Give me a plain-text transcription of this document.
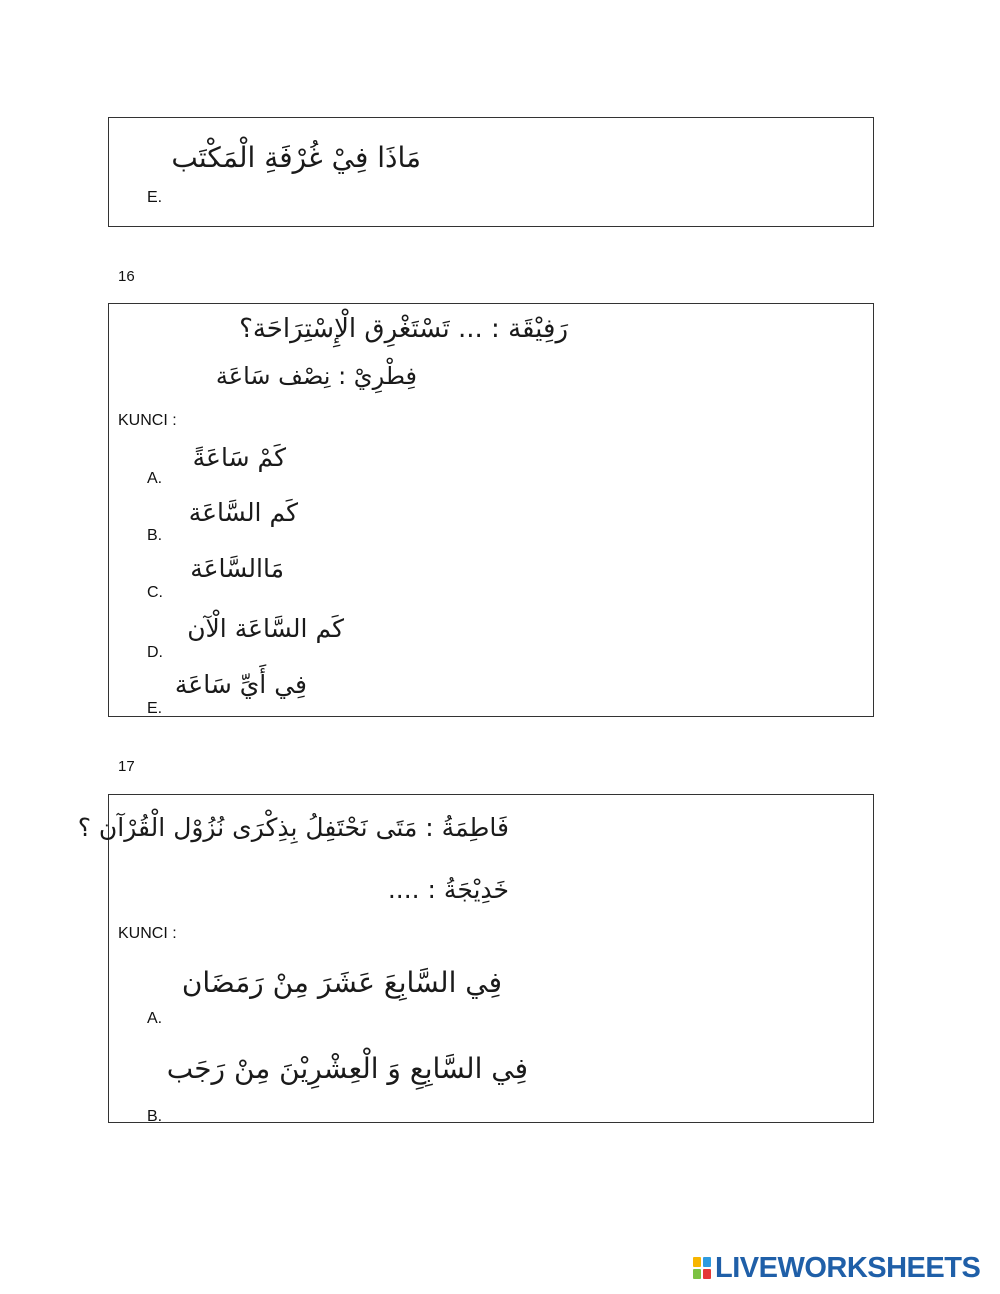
مَاذَا فِيْ غُرْفَةِ الْمَكْتَب
E.
16
رَفِيْقَة : ... تَسْتَغْرِق الْإِسْتِرَاحَة؟
فِطْرِيْ : نِصْف سَاعَة
KUNCI :
كَمْ سَاعَةً
A.
كَم السَّاعَة
B.
مَاالسَّاعَة
C.
كَم السَّاعَة الْآن
D.
فِي أَيِّ سَاعَة
E.
17
فَاطِمَةُ : مَتَى نَحْتَفِلُ بِذِكْرَى نُزُوْل الْقُرْآن ؟
خَدِيْجَةُ : ....
KUNCI :
فِي السَّابِعَ عَشَرَ مِنْ رَمَضَان
A.
فِي السَّابِعِ وَ الْعِشْرِيْنَ مِنْ رَجَب
B.
LIVEWORKSHEETS
